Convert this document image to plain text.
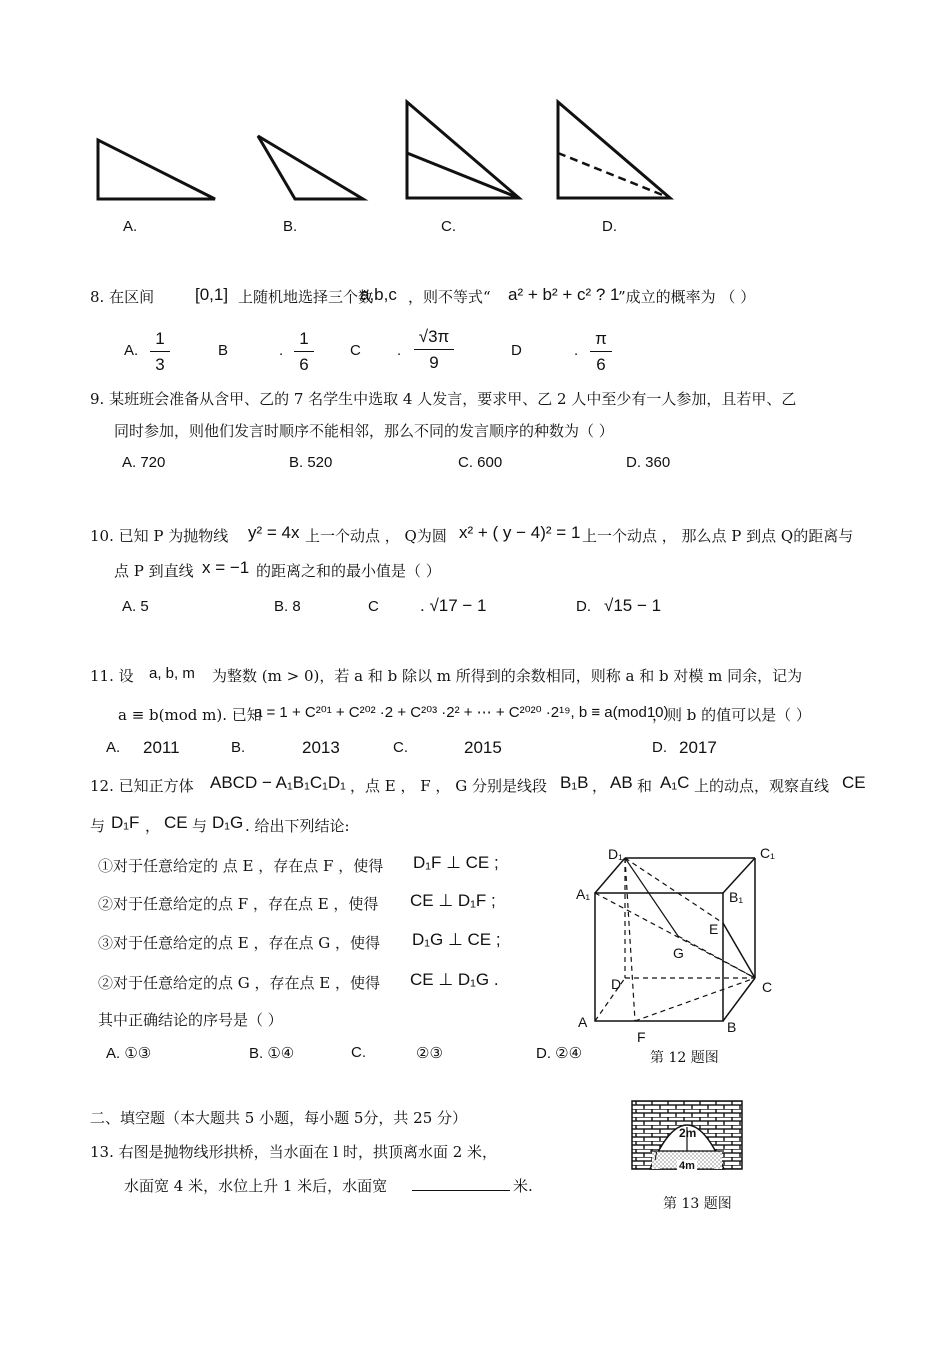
A.	B.	C.	D.
8. 在区间 [0,1] 上随机地选择三个数
a,b,c ，则不等式“ a² + b² + c² ? 1
”成立的概率为 （ ）
A. $\frac{1}{3}$	B	. $\frac{1}{6}$ C . $\frac{√3\pi}{9}$	D	. $\frac{\pi}{6}$
9. 某班班会准备从含甲、乙的 7 名学生中选取 4 人发言，要求甲、乙 2 人中至少有一人参加，且若甲、乙
同时参加，则他们发言时顺序不能相邻，那么不同的发言顺序的种数为（ ）
A. 720	B. 520	C. 600	D. 360
10. 已知 P 为抛物线 y² = 4x 上一个动点 ， Q为圆 x² + ( y − 4)² = 1 上一个动点 ， 那么点 P 到点 Q的距离与
点 P 到直线 x = −1 的距离之和的最小值是（ ）
A. 5	B. 8	C . √17 − 1	D. √15 − 1
11. 设 a, b, m 为整数 (m > 0)，若 a 和 b 除以 m 所得到的余数相同，则称 a 和 b 对模 m 同余，记为
a ≡ b(mod m). 已知
a = 1 + C²⁰¹ + C²⁰² ·2 + C²⁰³ ·2² + ⋯ + C²⁰²⁰ ·2¹⁹, b ≡ a(mod10)
，则 b 的值可以是（ ）
A. 2011	B.	2013	C.	2015	D. 2017
12. 已知正方体 ABCD − A₁B₁C₁D₁ ，点 E ， F ， G 分别是线段 B₁B ， AB 和 A₁C 上的动点，观察直线 CE
与 D₁F ， CE 与 D₁G . 给出下列结论:
①对于任意给定的 点 E ，存在点 F ，使得 D₁F ⊥ CE ;
②对于任意给定的点 F ，存在点 E ，使得 CE ⊥ D₁F ;
③对于任意给定的点 E ，存在点 G ，使得 D₁G ⊥ CE ;
②对于任意给定的点 G ，存在点 E ，使得 CE ⊥ D₁G .
其中正确结论的序号是（ ）
A. ①③	B. ①④	C.	②③	D. ②④
D₁	C₁
A₁	B₁
E
G
D	C
A
F
B
第 12 题图
二、填空题（本大题共 5 小题，每小题 5分，共 25 分）
13. 右图是抛物线形拱桥，当水面在 l 时，拱顶离水面 2 米，
水面宽 4 米，水位上升 1 米后，水面宽	米.
2m
l
4m
第 13 题图
